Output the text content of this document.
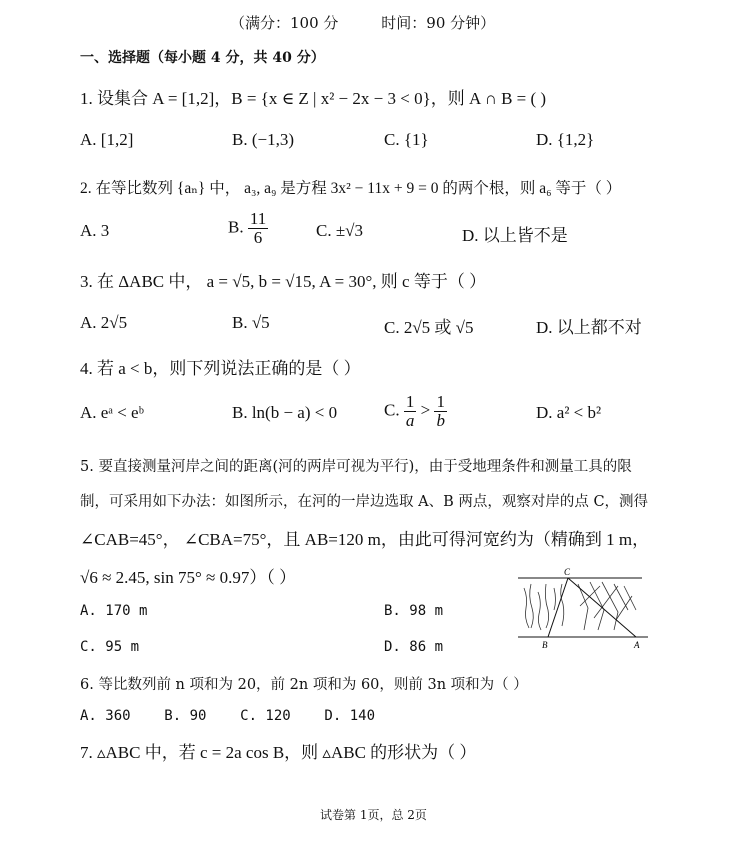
（满分：100 分         时间：90 分钟）
一、选择题（每小题 4 分，共 40 分）
1. 设集合 A = [1,2]，B = {x ∈ Z | x² − 2x − 3 < 0}，则 A ∩ B = ( )
A. [1,2]	B. (−1,3)	C. {1}	D. {1,2}
2. 在等比数列 {aₙ} 中， a₃, a₉ 是方程 3x² − 11x + 9 = 0 的两个根，则 a₆ 等于（ ）
A. 3	B. $\frac{11}{6}$	C. ±√3	D. 以上皆不是
3. 在 ΔABC 中， a = √5, b = √15, A = 30°, 则 c 等于（ ）
A. 2√5	B. √5	C. 2√5 或 √5	D. 以上都不对
4. 若 a < b，则下列说法正确的是（ ）
A. eᵃ < eᵇ	B. ln(b − a) < 0	C. $\frac{1}{a} > \frac{1}{b}$	D. a² < b²
5. 要直接测量河岸之间的距离(河的两岸可视为平行)，由于受地理条件和测量工具的限
制，可采用如下办法：如图所示，在河的一岸边选取 A、B 两点，观察对岸的点 C，测得
∠CAB=45°， ∠CBA=75°，且 AB=120 m，由此可得河宽约为（精确到 1 m，
√6 ≈ 2.45, sin 75° ≈ 0.97）（ ）
A. 170 m	B. 98 m
C. 95 m	D. 86 m
C
B	A
6. 等比数列前 n 项和为 20，前 2n 项和为 60，则前 3n 项和为（ ）
A. 360    B. 90    C. 120    D. 140
7. ▵ABC 中，若 c = 2a cos B，则 ▵ABC 的形状为（ ）
试卷第 1页，总 2页
